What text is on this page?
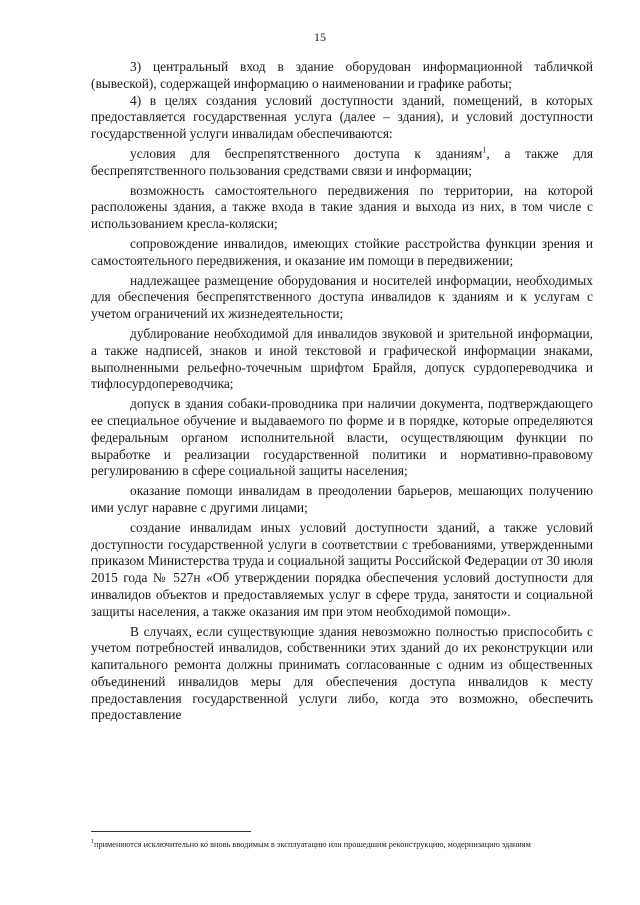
15

3) центральный вход в здание оборудован информационной табличкой (вывеской), содержащей информацию о наименовании и графике работы;

4) в целях создания условий доступности зданий, помещений, в которых предоставляется государственная услуга (далее – здания), и условий доступности государственной услуги инвалидам обеспечиваются:

условия для беспрепятственного доступа к зданиям$^1$, а также для беспрепятственного пользования средствами связи и информации;

возможность самостоятельного передвижения по территории, на которой расположены здания, а также входа в такие здания и выхода из них, в том числе с использованием кресла-коляски;

сопровождение инвалидов, имеющих стойкие расстройства функции зрения и самостоятельного передвижения, и оказание им помощи в передвижении;

надлежащее размещение оборудования и носителей информации, необходимых для обеспечения беспрепятственного доступа инвалидов к зданиям и к услугам с учетом ограничений их жизнедеятельности;

дублирование необходимой для инвалидов звуковой и зрительной информации, а также надписей, знаков и иной текстовой и графической информации знаками, выполненными рельефно-точечным шрифтом Брайля, допуск сурдопереводчика и тифлосурдопереводчика;

допуск в здания собаки-проводника при наличии документа, подтверждающего ее специальное обучение и выдаваемого по форме и в порядке, которые определяются федеральным органом исполнительной власти, осуществляющим функции по выработке и реализации государственной политики и нормативно-правовому регулированию в сфере социальной защиты населения;

оказание помощи инвалидам в преодолении барьеров, мешающих получению ими услуг наравне с другими лицами;

создание инвалидам иных условий доступности зданий, а также условий доступности государственной услуги в соответствии с требованиями, утвержденными приказом Министерства труда и социальной защиты Российской Федерации от 30 июля 2015 года № 527н «Об утверждении порядка обеспечения условий доступности для инвалидов объектов и предоставляемых услуг в сфере труда, занятости и социальной защиты населения, а также оказания им при этом необходимой помощи».

В случаях, если существующие здания невозможно полностью приспособить с учетом потребностей инвалидов, собственники этих зданий до их реконструкции или капитального ремонта должны принимать согласованные с одним из общественных объединений инвалидов меры для обеспечения доступа инвалидов к месту предоставления государственной услуги либо, когда это возможно, обеспечить предоставление

$^1$применяются исключительно ко вновь вводимым в эксплуатацию или прошедшим реконструкцию, модернизацию зданиям
